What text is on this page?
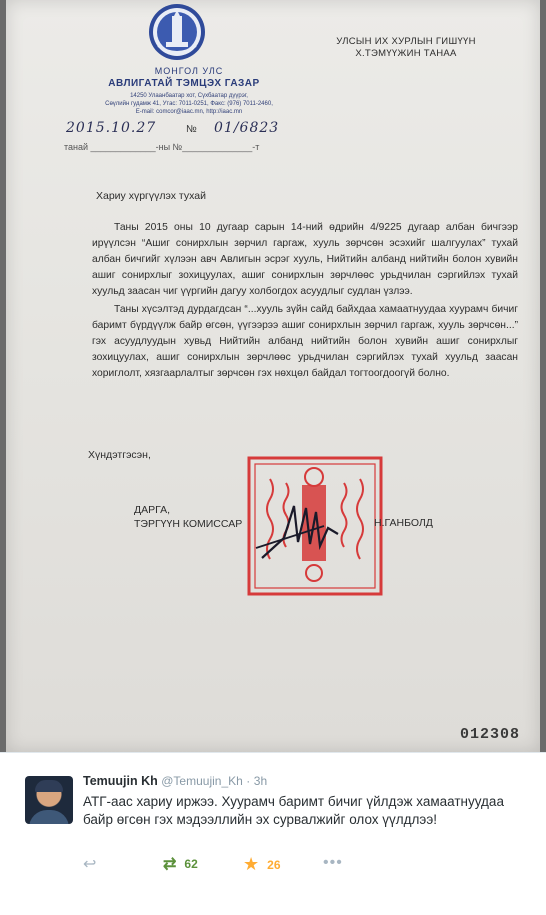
МОНГОЛ УЛС
АВЛИГАТАЙ ТЭМЦЭХ ГАЗАР
14250 Улаанбаатар хот, Сүхбаатар дүүрэг,
Сөүлийн гудамж 41, Утас: 7011-0251, Факс: (976) 7011-2460,
E-mail: comcor@iaac.mn, http://iaac.mn
УЛСЫН ИХ ХУРЛЫН ГИШҮҮН
Х.ТЭМҮҮЖИН ТАНАА
2015.10.27	№ 01/6823
танай _____________-ны №______________-т
Хариу хүргүүлэх тухай

Таны 2015 оны 10 дугаар сарын 14-ний өдрийн 4/9225 дугаар албан бичгээр ирүүлсэн “Ашиг сонирхлын зөрчил гаргаж, хууль зөрчсөн эсэхийг шалгуулах” тухай албан бичгийг хүлээн авч Авлигын эсрэг хууль, Нийтийн албанд нийтийн болон хувийн ашиг сонирхлыг зохицуулах, ашиг сонирхлын зөрчлөөс урьдчилан сэргийлэх тухай хуульд заасан чиг үүргийн дагуу холбогдох асуудлыг судлан үзлээ.

Таны хүсэлтэд дурдагдсан “...хууль зүйн сайд байхдаа хамаатнуудаа хуурамч бичиг баримт бүрдүүлж байр өгсөн, үүгээрээ ашиг сонирхлын зөрчил гаргаж, хууль зөрчсөн...” гэх асуудлуудын хувьд Нийтийн албанд нийтийн болон хувийн ашиг сонирхлыг зохицуулах, ашиг сонирхлын зөрчлөөс урьдчилан сэргийлэх тухай хуульд заасан хориглолт, хязгаарлалтыг зөрчсөн гэх нөхцөл байдал тогтоогдоогүй болно.

Хүндэтгэсэн,
ДАРГА,
ТЭРГҮҮН КОМИССАР	Н.ГАНБОЛД
012308
Temuujin Kh @Temuujin_Kh · 3h
АТГ-аас хариу иржээ. Хуурамч баримт бичиг үйлдэж хамаатнуудаа байр өгсөн гэх мэдээллийн эх сурвалжийг олох үүлдлээ!
↩	⇄ 62	★ 26	•••
